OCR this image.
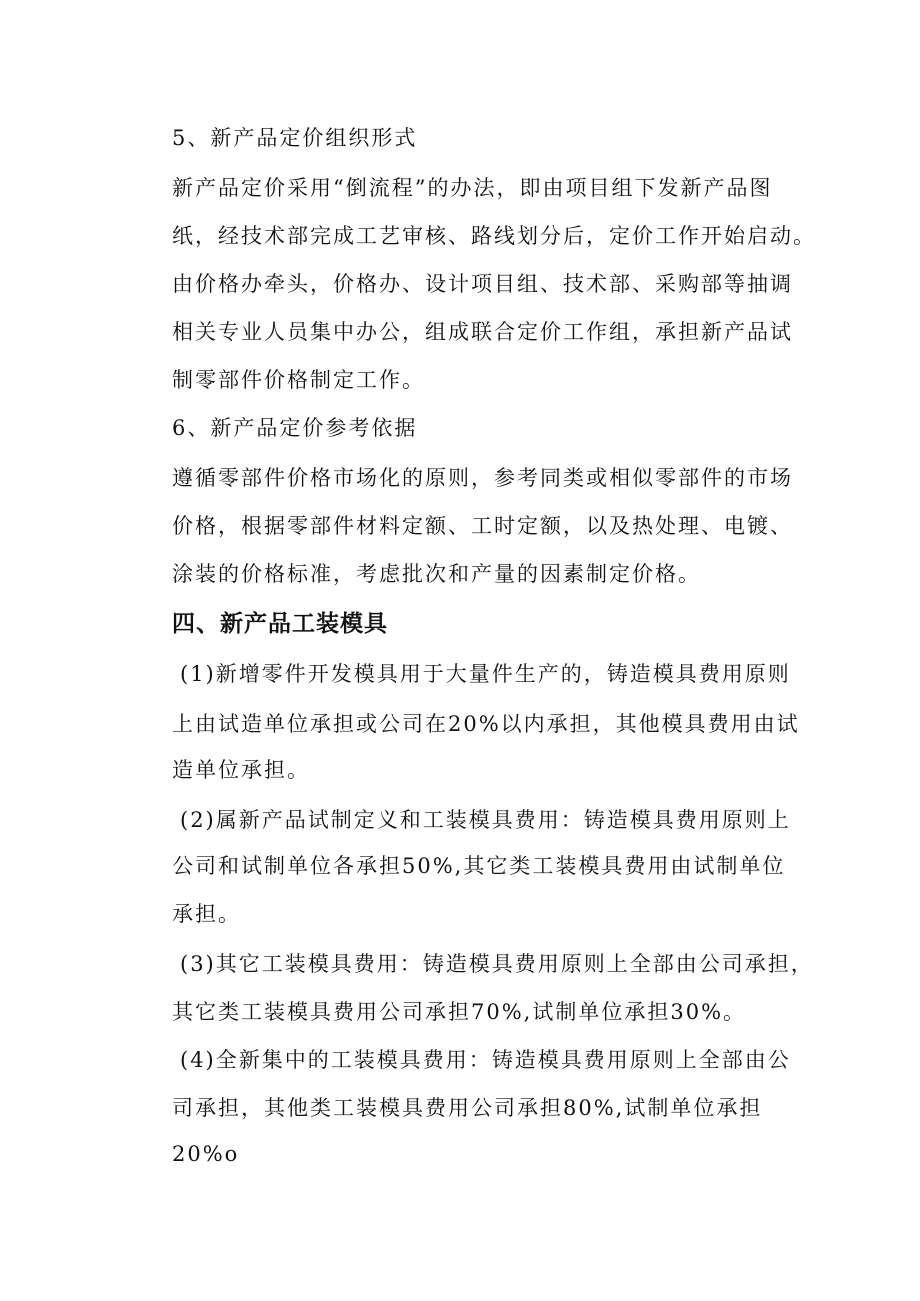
5、新产品定价组织形式
新产品定价采用“倒流程”的办法，即由项目组下发新产品图
纸，经技术部完成工艺审核、路线划分后，定价工作开始启动。
由价格办牵头，价格办、设计项目组、技术部、采购部等抽调
相关专业人员集中办公，组成联合定价工作组，承担新产品试
制零部件价格制定工作。
6、新产品定价参考依据
遵循零部件价格市场化的原则，参考同类或相似零部件的市场
价格，根据零部件材料定额、工时定额，以及热处理、电镀、
涂装的价格标准，考虑批次和产量的因素制定价格。
四、新产品工装模具
(1)新增零件开发模具用于大量件生产的，铸造模具费用原则
上由试造单位承担或公司在20%以内承担，其他模具费用由试
造单位承担。
(2)属新产品试制定义和工装模具费用：铸造模具费用原则上
公司和试制单位各承担50%,其它类工装模具费用由试制单位
承担。
(3)其它工装模具费用：铸造模具费用原则上全部由公司承担，
其它类工装模具费用公司承担70%,试制单位承担30%。
(4)全新集中的工装模具费用：铸造模具费用原则上全部由公
司承担，其他类工装模具费用公司承担80%,试制单位承担
20%o
